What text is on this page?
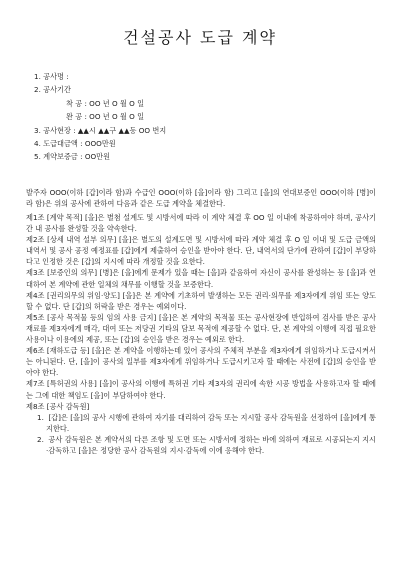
건설공사 도급 계약
1. 공사명 :
2. 공사기간
착 공 : OO 년 O 월 O 일
완 공 : OO 년 O 월 O 일
3. 공사현장 : ▲▲시 ▲▲구 ▲▲동 OO 번지
4. 도급대금액 : OOO만원
5. 계약보증금 : OO만원
발주자 OOO(이하 [갑]이라 함)과 수급인 OOO(이하 [을]이라 함) 그리고 [을]의 연대보증인 OOO(이하 [병]이라 함)은 위의 공사에 관하여 다음과 같은 도급 계약을 체결한다.

제1조 [계약 목적] [을]은 별첨 설계도 및 시방서에 따라 이 계약 체결 후 OO 일 이내에 착공하여야 하며, 공사기간 내 공사를 완성할 것을 약속한다.

제2조 [상세 내역 설부 의무] [을]은 별도의 설계도면 및 시방서에 따라 계약 체결 후 O 일 이내 및 도급 금액의 내역서 및 공사 공정 예정표를 [갑]에게 제출하여 승인을 받아야 한다. 단, 내역서의 단가에 관하여 [갑]이 부당하다고 인정한 것은 [갑]의 지시에 따라 개정할 것을 요한다.

제3조 [보증인의 의무] [병]은 [을]에게 문제가 있을 때는 [을]과 같음하여 자신이 공사를 완성하는 등 [을]과 연대하여 본 계약에 관한 일체의 채무를 이행할 것을 보증한다.

제4조 [권리의무의 위임·양도] [을]은 본 계약에 기초하여 발생하는 모든 권리·의무를 제3자에게 위임 또는 양도할 수 없다. 단 [갑]의 허락을 받은 경우는 예외이다.

제5조 [공사 목적물 등의 임의 사용 금지] [을]은 본 계약의 목적물 또는 공사현장에 반입하여 검사를 받은 공사 재료를 제3자에게 매각, 대여 또는 저당권 기타의 담보 목적에 제공할 수 없다. 단, 본 계약의 이행에 직접 필요한 사용이나 이용에의 제공, 또는 [갑]의 승인을 받은 경우는 예외로 한다.

제6조 [재하도급 등] [을]은 본 계약을 이행하는데 있어 공사의 주체적 부분을 제3자에게 위임하거나 도급시켜서는 아니된다. 단, [을]이 공사의 일부를 제3자에게 위임하거나 도급시키고자 할 때에는 사전에 [갑]의 승인을 받아야 한다.

제7조 [특허권의 사용] [을]이 공사의 이행에 특허권 기타 제3자의 권리에 속한 시공 방법을 사용하고자 할 때에는 그에 대한 책임도 [을]이 부담하여야 한다.

제8조 [공사 감독원]

1. [갑]은 [을]의 공사 시행에 관하여 자기를 대리하여 감독 또는 지시할 공사 감독원을 선정하여 [을]에게 통지한다.

2. 공사 감독원은 본 계약서의 다른 조항 및 도면 또는 시방서에 정하는 바에 의하여 재료로 시공되는지 지시·감독하고 [을]은 정당한 공사 감독원의 지시·감독에 이에 응해야 한다.
